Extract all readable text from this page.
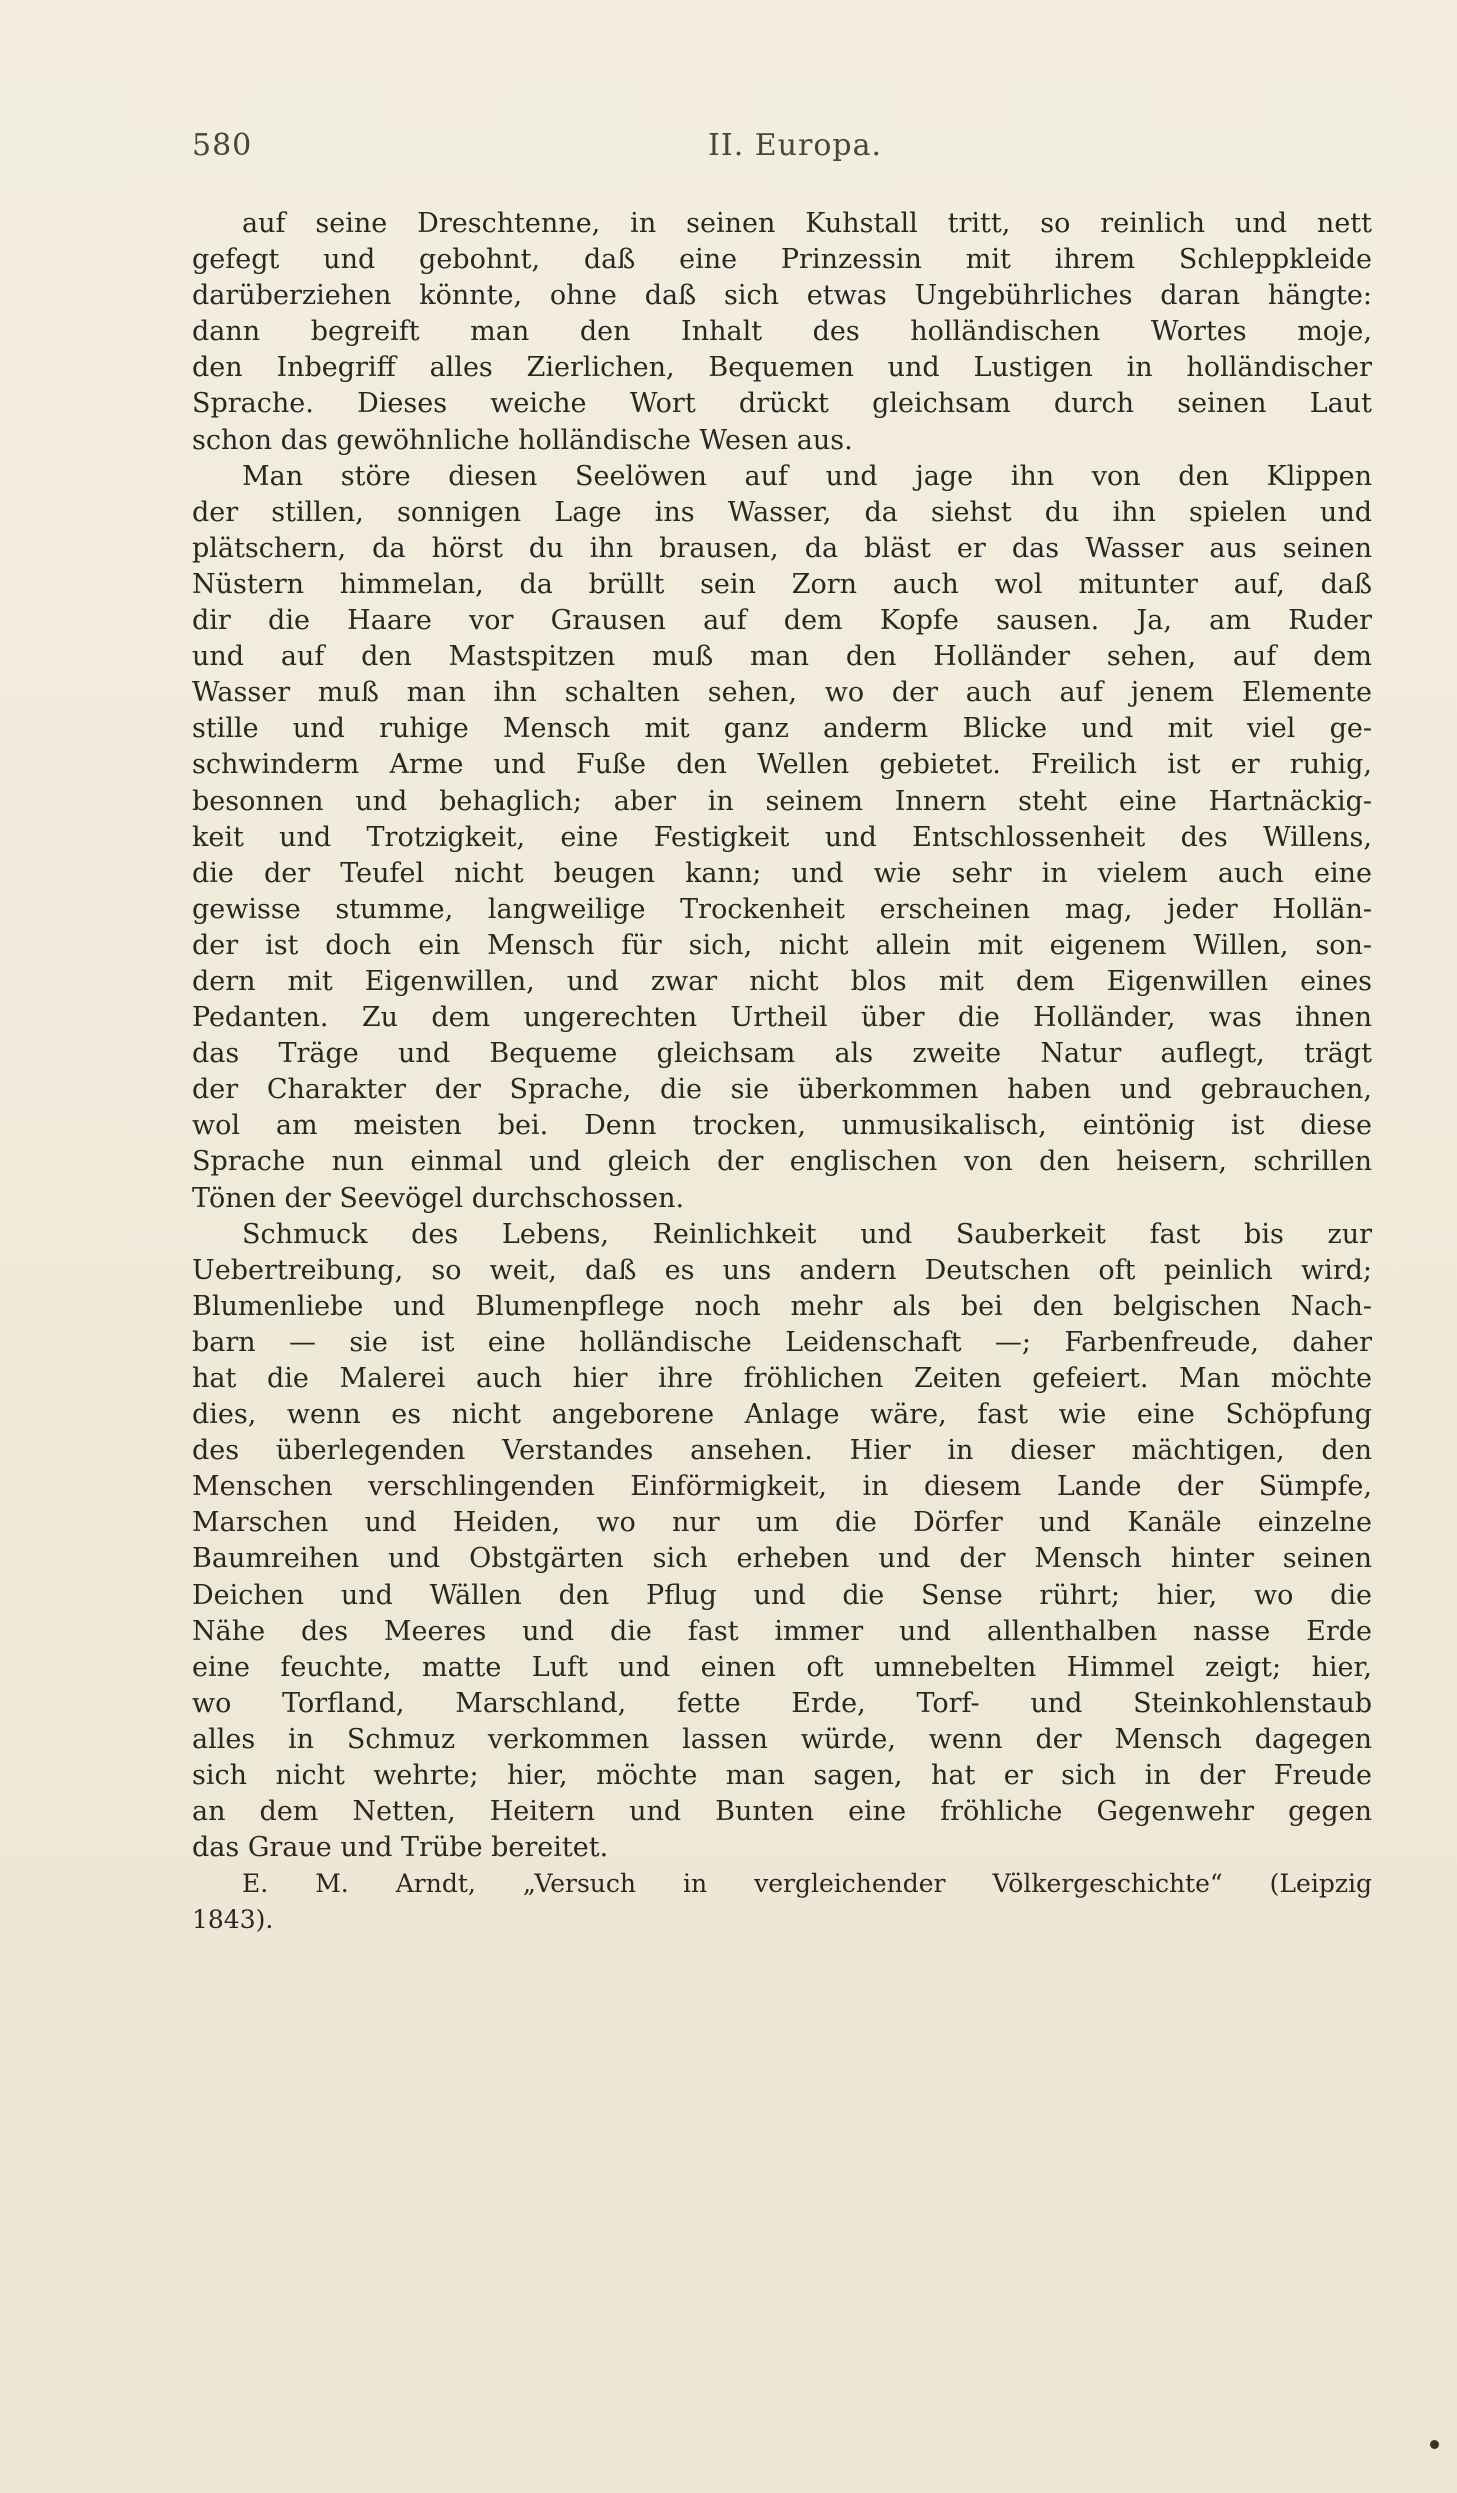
580	II. Europa.
auf seine Dreschtenne, in seinen Kuhstall tritt, so reinlich und nett
gefegt und gebohnt, daß eine Prinzessin mit ihrem Schleppkleide
darüberziehen könnte, ohne daß sich etwas Ungebührliches daran hängte:
dann begreift man den Inhalt des holländischen Wortes moje,
den Inbegriff alles Zierlichen, Bequemen und Lustigen in holländischer
Sprache. Dieses weiche Wort drückt gleichsam durch seinen Laut
schon das gewöhnliche holländische Wesen aus.
Man störe diesen Seelöwen auf und jage ihn von den Klippen
der stillen, sonnigen Lage ins Wasser, da siehst du ihn spielen und
plätschern, da hörst du ihn brausen, da bläst er das Wasser aus seinen
Nüstern himmelan, da brüllt sein Zorn auch wol mitunter auf, daß
dir die Haare vor Grausen auf dem Kopfe sausen. Ja, am Ruder
und auf den Mastspitzen muß man den Holländer sehen, auf dem
Wasser muß man ihn schalten sehen, wo der auch auf jenem Elemente
stille und ruhige Mensch mit ganz anderm Blicke und mit viel ge-
schwinderm Arme und Fuße den Wellen gebietet. Freilich ist er ruhig,
besonnen und behaglich; aber in seinem Innern steht eine Hartnäckig-
keit und Trotzigkeit, eine Festigkeit und Entschlossenheit des Willens,
die der Teufel nicht beugen kann; und wie sehr in vielem auch eine
gewisse stumme, langweilige Trockenheit erscheinen mag, jeder Hollän-
der ist doch ein Mensch für sich, nicht allein mit eigenem Willen, son-
dern mit Eigenwillen, und zwar nicht blos mit dem Eigenwillen eines
Pedanten. Zu dem ungerechten Urtheil über die Holländer, was ihnen
das Träge und Bequeme gleichsam als zweite Natur auflegt, trägt
der Charakter der Sprache, die sie überkommen haben und gebrauchen,
wol am meisten bei. Denn trocken, unmusikalisch, eintönig ist diese
Sprache nun einmal und gleich der englischen von den heisern, schrillen
Tönen der Seevögel durchschossen.
Schmuck des Lebens, Reinlichkeit und Sauberkeit fast bis zur
Uebertreibung, so weit, daß es uns andern Deutschen oft peinlich wird;
Blumenliebe und Blumenpflege noch mehr als bei den belgischen Nach-
barn — sie ist eine holländische Leidenschaft —; Farbenfreude, daher
hat die Malerei auch hier ihre fröhlichen Zeiten gefeiert. Man möchte
dies, wenn es nicht angeborene Anlage wäre, fast wie eine Schöpfung
des überlegenden Verstandes ansehen. Hier in dieser mächtigen, den
Menschen verschlingenden Einförmigkeit, in diesem Lande der Sümpfe,
Marschen und Heiden, wo nur um die Dörfer und Kanäle einzelne
Baumreihen und Obstgärten sich erheben und der Mensch hinter seinen
Deichen und Wällen den Pflug und die Sense rührt; hier, wo die
Nähe des Meeres und die fast immer und allenthalben nasse Erde
eine feuchte, matte Luft und einen oft umnebelten Himmel zeigt; hier,
wo Torfland, Marschland, fette Erde, Torf- und Steinkohlenstaub
alles in Schmuz verkommen lassen würde, wenn der Mensch dagegen
sich nicht wehrte; hier, möchte man sagen, hat er sich in der Freude
an dem Netten, Heitern und Bunten eine fröhliche Gegenwehr gegen
das Graue und Trübe bereitet.
E. M. Arndt, „Versuch in vergleichender Völkergeschichte“ (Leipzig
1843).
